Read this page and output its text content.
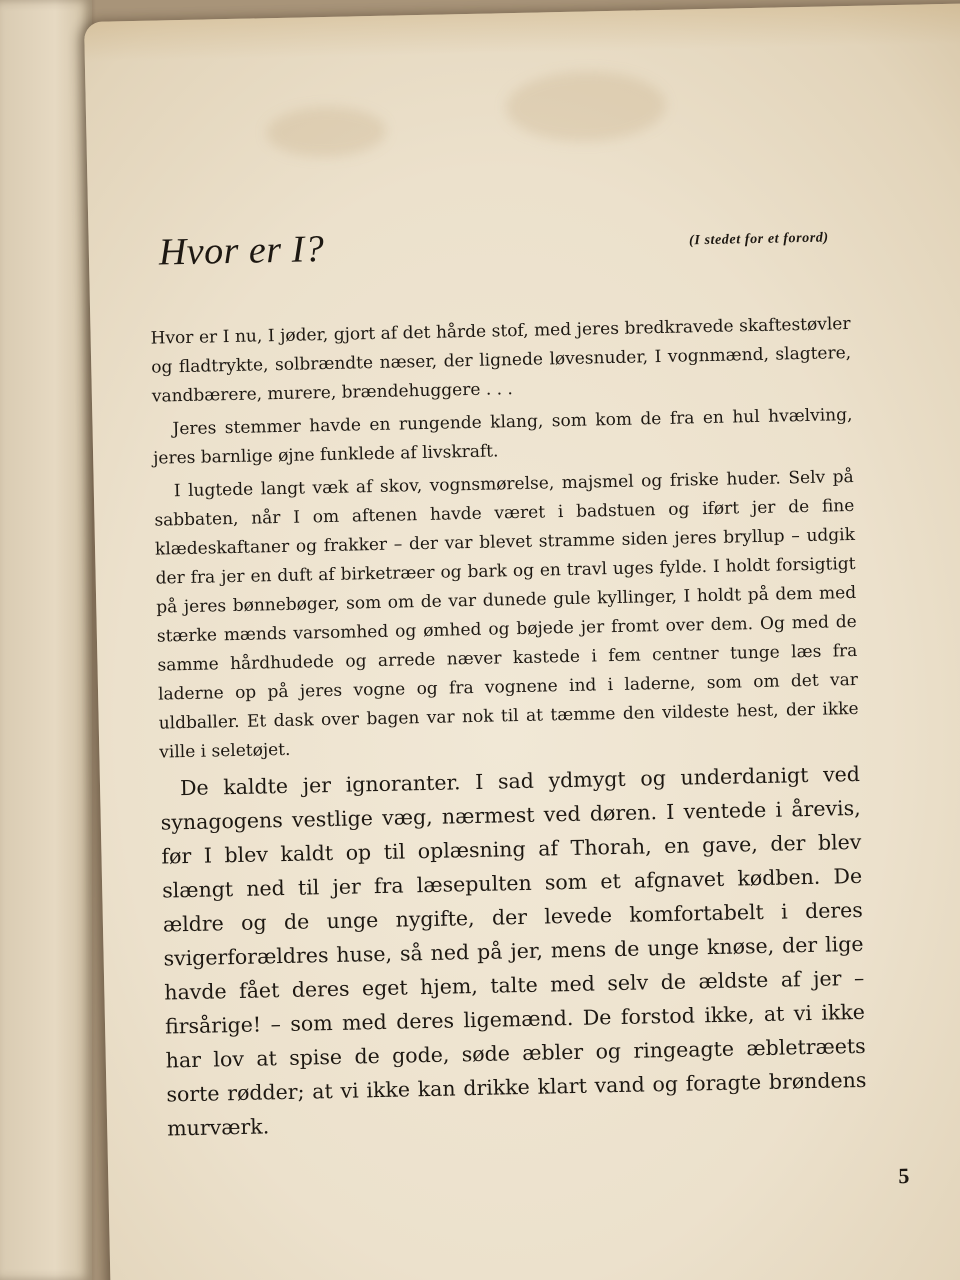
Hvor er I?	(I stedet for et forord)

Hvor er I nu, I jøder, gjort af det hårde stof, med jeres bredkravede skaftestøvler og fladtrykte, solbrændte næser, der lignede løvesnuder, I vognmænd, slagtere, vandbærere, murere, brændehuggere . . .

Jeres stemmer havde en rungende klang, som kom de fra en hul hvælving, jeres barnlige øjne funklede af livskraft.

I lugtede langt væk af skov, vognsmørelse, majsmel og friske huder. Selv på sabbaten, når I om aftenen havde været i badstuen og iført jer de fine klædeskaftaner og frakker – der var blevet stramme siden jeres bryllup – udgik der fra jer en duft af birketræer og bark og en travl uges fylde. I holdt forsigtigt på jeres bønnebøger, som om de var dunede gule kyllinger, I holdt på dem med stærke mænds varsomhed og ømhed og bøjede jer fromt over dem. Og med de samme hårdhudede og arrede næver kastede i fem centner tunge læs fra laderne op på jeres vogne og fra vognene ind i laderne, som om det var uldballer. Et dask over bagen var nok til at tæmme den vildeste hest, der ikke ville i seletøjet.

De kaldte jer ignoranter. I sad ydmygt og underdanigt ved synagogens vestlige væg, nærmest ved døren. I ventede i årevis, før I blev kaldt op til oplæsning af Thorah, en gave, der blev slængt ned til jer fra læsepulten som et afgnavet kødben. De ældre og de unge nygifte, der levede komfortabelt i deres svigerforældres huse, så ned på jer, mens de unge knøse, der lige havde fået deres eget hjem, talte med selv de ældste af jer – firsårige! – som med deres ligemænd. De forstod ikke, at vi ikke har lov at spise de gode, søde æbler og ringeagte æbletræets sorte rødder; at vi ikke kan drikke klart vand og foragte brøndens murværk.

5
